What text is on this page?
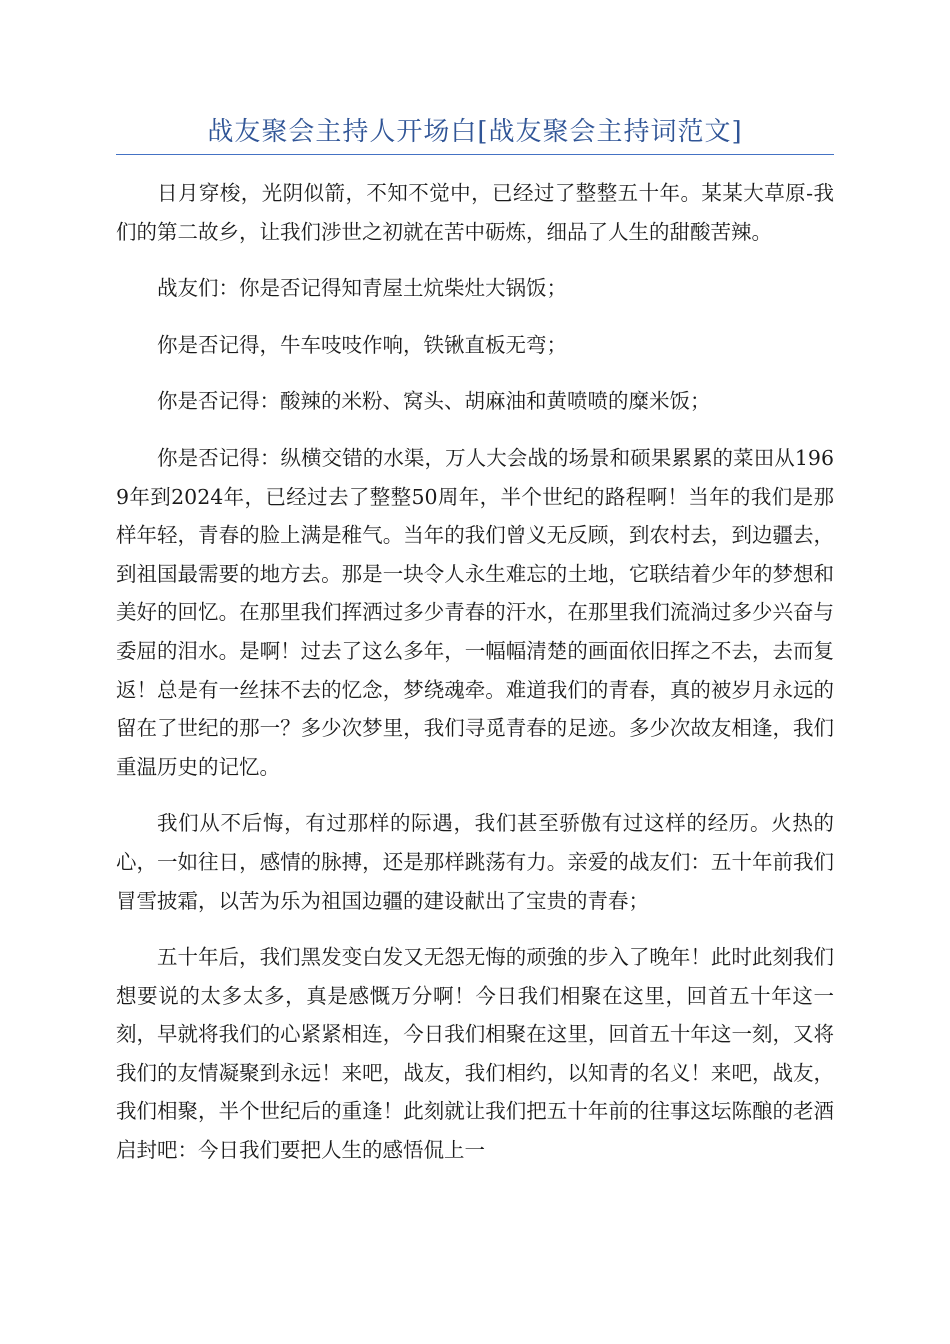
战友聚会主持人开场白[战友聚会主持词范文]

日月穿梭，光阴似箭，不知不觉中，已经过了整整五十年。某某大草原-我们的第二故乡，让我们涉世之初就在苦中砺炼，细品了人生的甜酸苦辣。

战友们：你是否记得知青屋土炕柴灶大锅饭；

你是否记得，牛车吱吱作响，铁锹直板无弯；

你是否记得：酸辣的米粉、窝头、胡麻油和黄喷喷的糜米饭；

你是否记得：纵横交错的水渠，万人大会战的场景和硕果累累的菜田从1969年到2024年，已经过去了整整50周年，半个世纪的路程啊！当年的我们是那样年轻，青春的脸上满是稚气。当年的我们曾义无反顾，到农村去，到边疆去，到祖国最需要的地方去。那是一块令人永生难忘的土地，它联结着少年的梦想和美好的回忆。在那里我们挥洒过多少青春的汗水，在那里我们流淌过多少兴奋与委屈的泪水。是啊！过去了这么多年，一幅幅清楚的画面依旧挥之不去，去而复返！总是有一丝抹不去的忆念，梦绕魂牵。难道我们的青春，真的被岁月永远的留在了世纪的那一？多少次梦里，我们寻觅青春的足迹。多少次故友相逢，我们重温历史的记忆。

我们从不后悔，有过那样的际遇，我们甚至骄傲有过这样的经历。火热的心，一如往日，感情的脉搏，还是那样跳荡有力。亲爱的战友们：五十年前我们冒雪披霜，以苦为乐为祖国边疆的建设献出了宝贵的青春；

五十年后，我们黑发变白发又无怨无悔的顽強的步入了晚年！此时此刻我们想要说的太多太多，真是感慨万分啊！今日我们相聚在这里，回首五十年这一刻，早就将我们的心紧紧相连，今日我们相聚在这里，回首五十年这一刻，又将我们的友情凝聚到永远！来吧，战友，我们相约，以知青的名义！来吧，战友，我们相聚，半个世纪后的重逢！此刻就让我们把五十年前的往事这坛陈酿的老酒启封吧：今日我们要把人生的感悟侃上一
